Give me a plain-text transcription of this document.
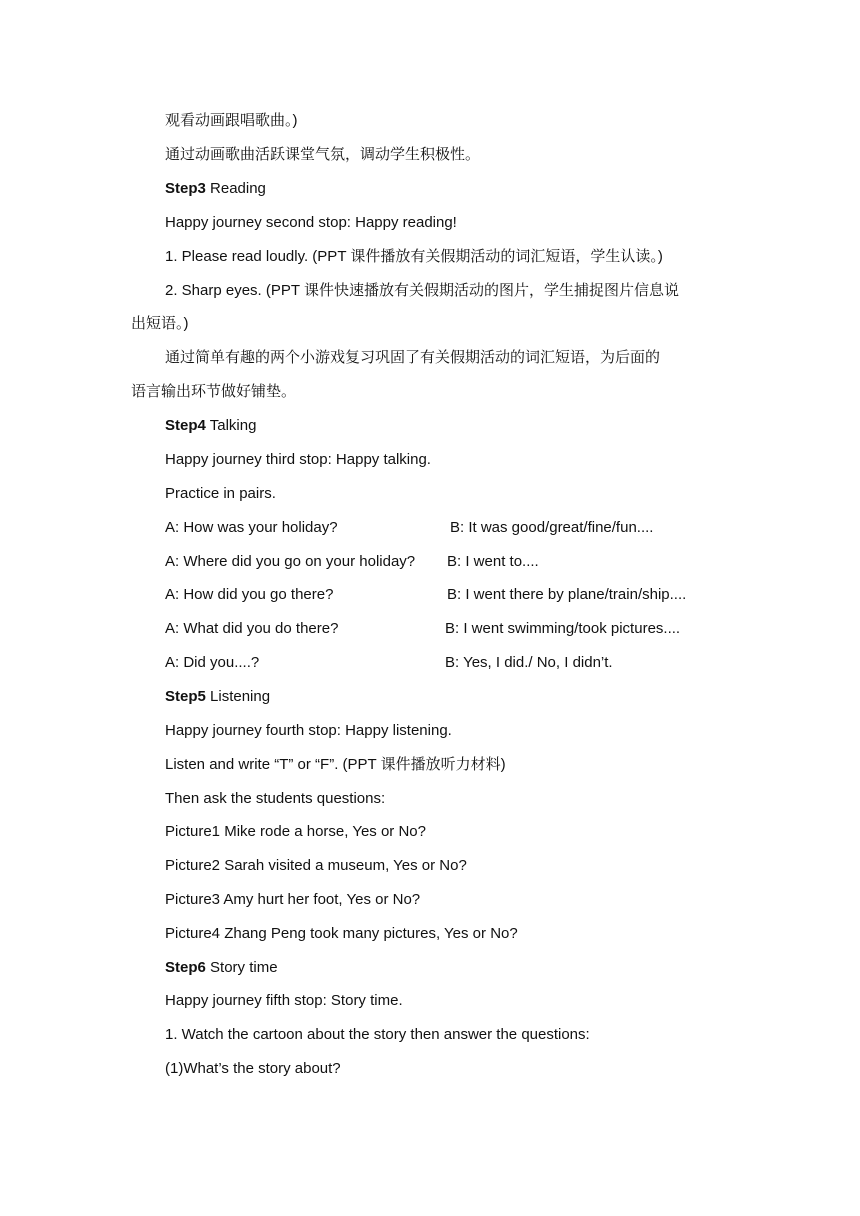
观看动画跟唱歌曲。)
通过动画歌曲活跃课堂气氛，调动学生积极性。
Step3 Reading
Happy journey second stop: Happy reading!
1. Please read loudly. (PPT 课件播放有关假期活动的词汇短语，学生认读。)
2. Sharp eyes. (PPT 课件快速播放有关假期活动的图片，学生捕捉图片信息说
出短语。)
通过简单有趣的两个小游戏复习巩固了有关假期活动的词汇短语，为后面的
语言输出环节做好铺垫。
Step4 Talking
Happy journey third stop: Happy talking.
Practice in pairs.
A: How was your holiday?	B: It was good/great/fine/fun....
A: Where did you go on your holiday? B: I went to....
A: How did you go there?	B: I went there by plane/train/ship....
A: What did you do there?	B: I went swimming/took pictures....
A: Did you....?	B: Yes, I did./ No, I didn’t.
Step5 Listening
Happy journey fourth stop: Happy listening.
Listen and write “T” or “F”. (PPT 课件播放听力材料)
Then ask the students questions:
Picture1 Mike rode a horse, Yes or No?
Picture2 Sarah visited a museum, Yes or No?
Picture3 Amy hurt her foot, Yes or No?
Picture4 Zhang Peng took many pictures, Yes or No?
Step6 Story time
Happy journey fifth stop: Story time.
1. Watch the cartoon about the story then answer the questions:
(1)What’s the story about?
